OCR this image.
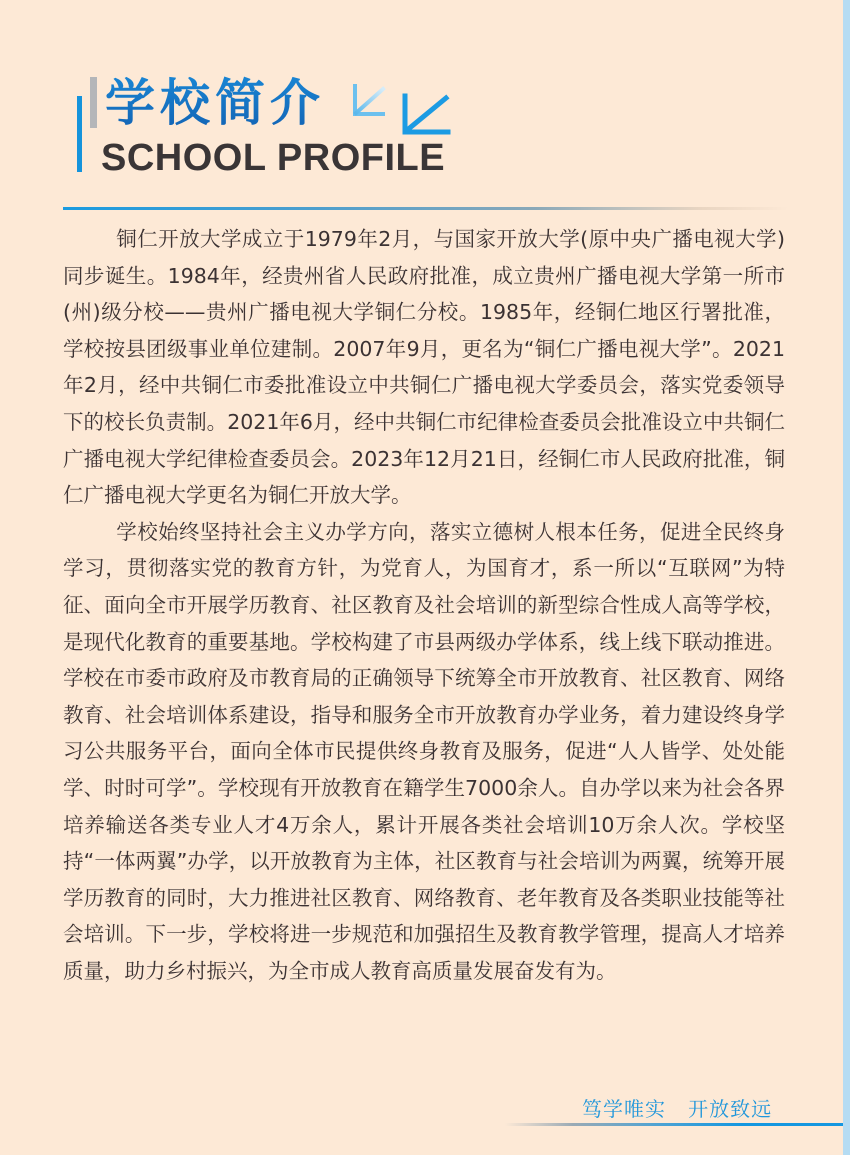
学校简介
SCHOOL PROFILE

铜仁开放大学成立于1979年2月，与国家开放大学(原中央广播电视大学)同步诞生。1984年，经贵州省人民政府批准，成立贵州广播电视大学第一所市(州)级分校——贵州广播电视大学铜仁分校。1985年，经铜仁地区行署批准，学校按县团级事业单位建制。2007年9月，更名为“铜仁广播电视大学”。2021年2月，经中共铜仁市委批准设立中共铜仁广播电视大学委员会，落实党委领导下的校长负责制。2021年6月，经中共铜仁市纪律检查委员会批准设立中共铜仁广播电视大学纪律检查委员会。2023年12月21日，经铜仁市人民政府批准，铜仁广播电视大学更名为铜仁开放大学。

学校始终坚持社会主义办学方向，落实立德树人根本任务，促进全民终身学习，贯彻落实党的教育方针，为党育人，为国育才，系一所以“互联网”为特征、面向全市开展学历教育、社区教育及社会培训的新型综合性成人高等学校，是现代化教育的重要基地。学校构建了市县两级办学体系，线上线下联动推进。学校在市委市政府及市教育局的正确领导下统筹全市开放教育、社区教育、网络教育、社会培训体系建设，指导和服务全市开放教育办学业务，着力建设终身学习公共服务平台，面向全体市民提供终身教育及服务，促进“人人皆学、处处能学、时时可学”。学校现有开放教育在籍学生7000余人。自办学以来为社会各界培养输送各类专业人才4万余人，累计开展各类社会培训10万余人次。学校坚持“一体两翼”办学，以开放教育为主体，社区教育与社会培训为两翼，统筹开展学历教育的同时，大力推进社区教育、网络教育、老年教育及各类职业技能等社会培训。下一步，学校将进一步规范和加强招生及教育教学管理，提高人才培养质量，助力乡村振兴，为全市成人教育高质量发展奋发有为。

笃学唯实   开放致远
